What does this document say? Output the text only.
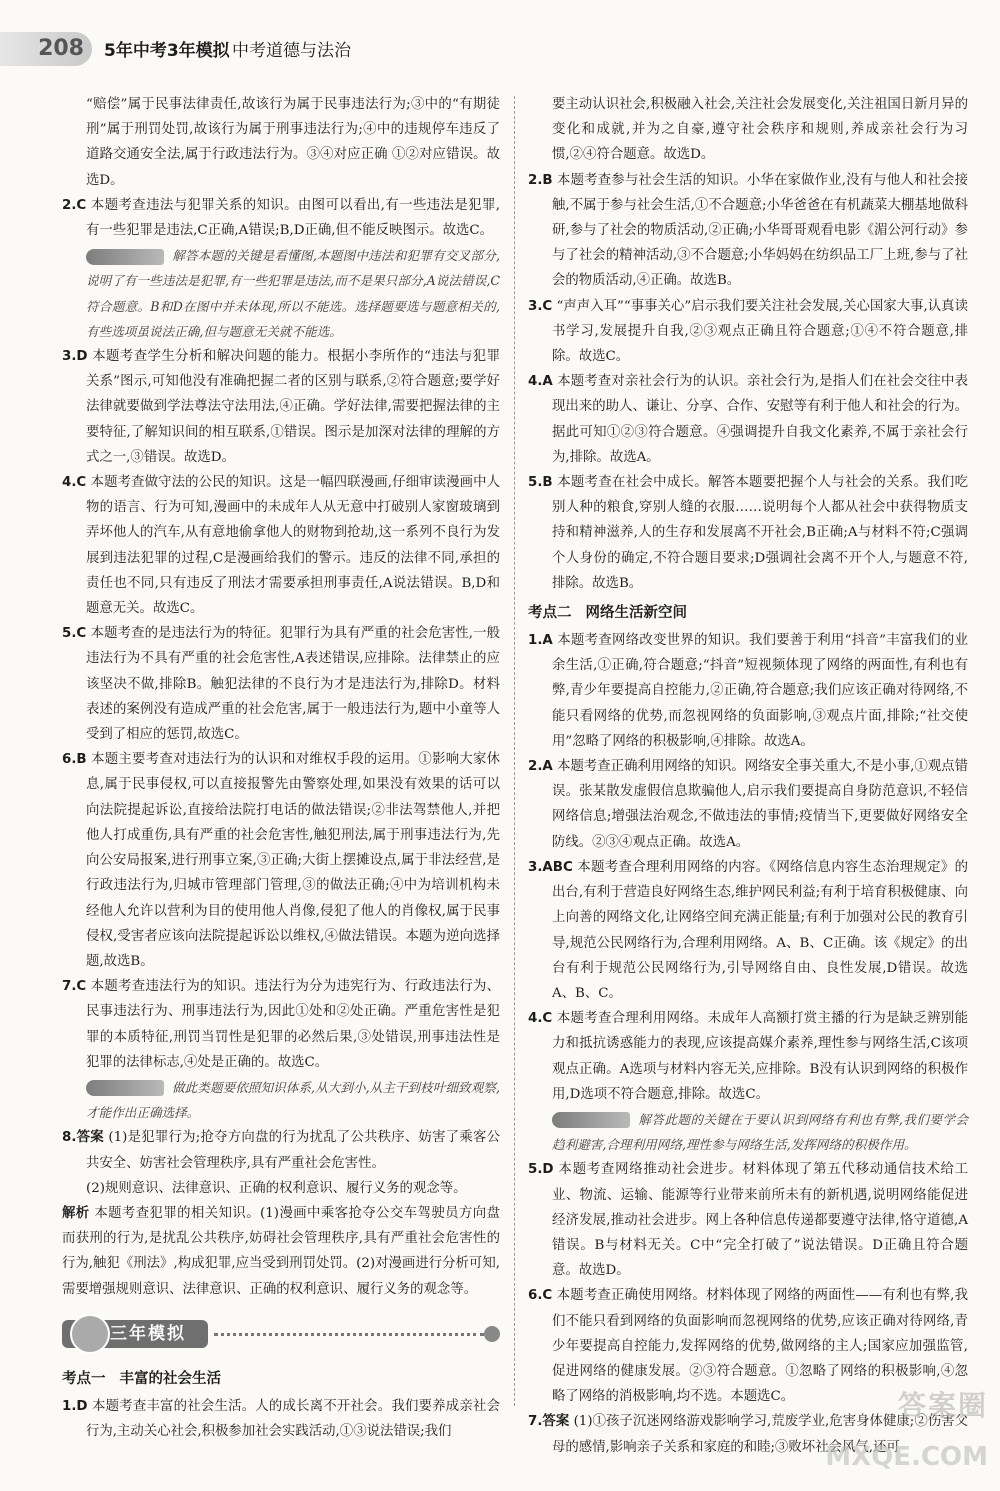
208	5年中考3年模拟 中考道德与法治

“赔偿”属于民事法律责任,故该行为属于民事违法行为;③中的“有期徒刑”属于刑罚处罚,故该行为属于刑事违法行为;④中的违规停车违反了道路交通安全法,属于行政违法行为。③④对应正确 ①②对应错误。故选D。

2.C 本题考查违法与犯罪关系的知识。由图可以看出,有一些违法是犯罪,有一些犯罪是违法,C正确,A错误;B,D正确,但不能反映图示。故选C。

解答本题的关键是看懂图,本题图中违法和犯罪有交叉部分,说明了有一些违法是犯罪,有一些犯罪是违法,而不是果只部分,A说法错误,C符合题意。B和D在图中并未体现,所以不能选。选择题要选与题意相关的,有些选项虽说法正确,但与题意无关就不能选。

3.D 本题考查学生分析和解决问题的能力。根据小李所作的“违法与犯罪关系”图示,可知他没有准确把握二者的区别与联系,②符合题意;要学好法律就要做到学法尊法守法用法,④正确。学好法律,需要把握法律的主要特征,了解知识间的相互联系,①错误。图示是加深对法律的理解的方式之一,③错误。故选D。

4.C 本题考查做守法的公民的知识。这是一幅四联漫画,仔细审读漫画中人物的语言、行为可知,漫画中的未成年人从无意中打破别人家窗玻璃到弄坏他人的汽车,从有意地偷拿他人的财物到抢劫,这一系列不良行为发展到违法犯罪的过程,C是漫画给我们的警示。违反的法律不同,承担的责任也不同,只有违反了刑法才需要承担刑事责任,A说法错误。B,D和题意无关。故选C。

5.C 本题考查的是违法行为的特征。犯罪行为具有严重的社会危害性,一般违法行为不具有严重的社会危害性,A表述错误,应排除。法律禁止的应该坚决不做,排除B。触犯法律的不良行为才是违法行为,排除D。材料表述的案例没有造成严重的社会危害,属于一般违法行为,题中小童等人受到了相应的惩罚,故选C。

6.B 本题主要考查对违法行为的认识和对维权手段的运用。①影响大家休息,属于民事侵权,可以直接报警先由警察处理,如果没有效果的话可以向法院提起诉讼,直接给法院打电话的做法错误;②非法驾禁他人,并把他人打成重伤,具有严重的社会危害性,触犯刑法,属于刑事违法行为,先向公安局报案,进行刑事立案,③正确;大街上摆摊设点,属于非法经营,是行政违法行为,归城市管理部门管理,③的做法正确;④中为培训机构未经他人允许以营利为目的使用他人肖像,侵犯了他人的肖像权,属于民事侵权,受害者应该向法院提起诉讼以维权,④做法错误。本题为逆向选择题,故选B。

7.C 本题考查违法行为的知识。违法行为分为违宪行为、行政违法行为、民事违法行为、刑事违法行为,因此①处和②处正确。严重危害性是犯罪的本质特征,刑罚当罚性是犯罪的必然后果,③处错误,刑事违法性是犯罪的法律标志,④处是正确的。故选C。

做此类题要依照知识体系,从大到小,从主干到枝叶细致观察,才能作出正确选择。

8.答案 (1)是犯罪行为;抢夺方向盘的行为扰乱了公共秩序、妨害了乘客公共安全、妨害社会管理秩序,具有严重社会危害性。

(2)规则意识、法律意识、正确的权利意识、履行义务的观念等。

解析 本题考查犯罪的相关知识。(1)漫画中乘客抢夺公交车驾驶员方向盘而获刑的行为,是扰乱公共秩序,妨碍社会管理秩序,具有严重社会危害性的行为,触犯《刑法》,构成犯罪,应当受到刑罚处罚。(2)对漫画进行分析可知,需要增强规则意识、法律意识、正确的权利意识、履行义务的观念等。

三年模拟
考点一 丰富的社会生活

1.D 本题考查丰富的社会生活。人的成长离不开社会。我们要养成亲社会行为,主动关心社会,积极参加社会实践活动,①③说法错误;我们

要主动认识社会,积极融入社会,关注社会发展变化,关注祖国日新月异的变化和成就,并为之自豪,遵守社会秩序和规则,养成亲社会行为习惯,②④符合题意。故选D。

2.B 本题考查参与社会生活的知识。小华在家做作业,没有与他人和社会接触,不属于参与社会生活,①不合题意;小华爸爸在有机蔬菜大棚基地做科研,参与了社会的物质活动,②正确;小华哥哥观看电影《湄公河行动》参与了社会的精神活动,③不合题意;小华妈妈在纺织品工厂上班,参与了社会的物质活动,④正确。故选B。

3.C “声声入耳”“事事关心”启示我们要关注社会发展,关心国家大事,认真读书学习,发展提升自我,②③观点正确且符合题意;①④不符合题意,排除。故选C。

4.A 本题考查对亲社会行为的认识。亲社会行为,是指人们在社会交往中表现出来的助人、谦让、分享、合作、安慰等有利于他人和社会的行为。据此可知①②③符合题意。④强调提升自我文化素养,不属于亲社会行为,排除。故选A。

5.B 本题考查在社会中成长。解答本题要把握个人与社会的关系。我们吃别人种的粮食,穿别人缝的衣服……说明每个人都从社会中获得物质支持和精神滋养,人的生存和发展离不开社会,B正确;A与材料不符;C强调个人身份的确定,不符合题目要求;D强调社会离不开个人,与题意不符,排除。故选B。

考点二 网络生活新空间

1.A 本题考查网络改变世界的知识。我们要善于利用“抖音”丰富我们的业余生活,①正确,符合题意;“抖音”短视频体现了网络的两面性,有利也有弊,青少年要提高自控能力,②正确,符合题意;我们应该正确对待网络,不能只看网络的优势,而忽视网络的负面影响,③观点片面,排除;“社交使用”忽略了网络的积极影响,④排除。故选A。

2.A 本题考查正确利用网络的知识。网络安全事关重大,不是小事,①观点错误。张某散发虚假信息欺骗他人,启示我们要提高自身防范意识,不轻信网络信息;增强法治观念,不做违法的事情;疫情当下,更要做好网络安全防线。②③④观点正确。故选A。

3.ABC 本题考查合理利用网络的内容。《网络信息内容生态治理规定》的出台,有利于营造良好网络生态,维护网民利益;有利于培育积极健康、向上向善的网络文化,让网络空间充满正能量;有利于加强对公民的教育引导,规范公民网络行为,合理利用网络。A、B、C正确。该《规定》的出台有利于规范公民网络行为,引导网络自由、良性发展,D错误。故选A、B、C。

4.C 本题考查合理利用网络。未成年人高额打赏主播的行为是缺乏辨别能力和抵抗诱惑能力的表现,应该提高媒介素养,理性参与网络生活,C该项观点正确。A选项与材料内容无关,应排除。B没有认识到网络的积极作用,D选项不符合题意,排除。故选C。

解答此题的关键在于要认识到网络有利也有弊,我们要学会趋利避害,合理利用网络,理性参与网络生活,发挥网络的积极作用。

5.D 本题考查网络推动社会进步。材料体现了第五代移动通信技术给工业、物流、运输、能源等行业带来前所未有的新机遇,说明网络能促进经济发展,推动社会进步。网上各种信息传递都要遵守法律,恪守道德,A错误。B与材料无关。C中“完全打破了”说法错误。D正确且符合题意。故选D。

6.C 本题考查正确使用网络。材料体现了网络的两面性——有利也有弊,我们不能只看到网络的负面影响而忽视网络的优势,应该正确对待网络,青少年要提高自控能力,发挥网络的优势,做网络的主人;国家应加强监管,促进网络的健康发展。②③符合题意。①忽略了网络的积极影响,④忽略了网络的消极影响,均不选。本题选C。

7.答案 (1)①孩子沉迷网络游戏影响学习,荒废学业,危害身体健康;②伤害父母的感情,影响亲子关系和家庭的和睦;③败坏社会风气,还可

答案圈
MXQE.COM
